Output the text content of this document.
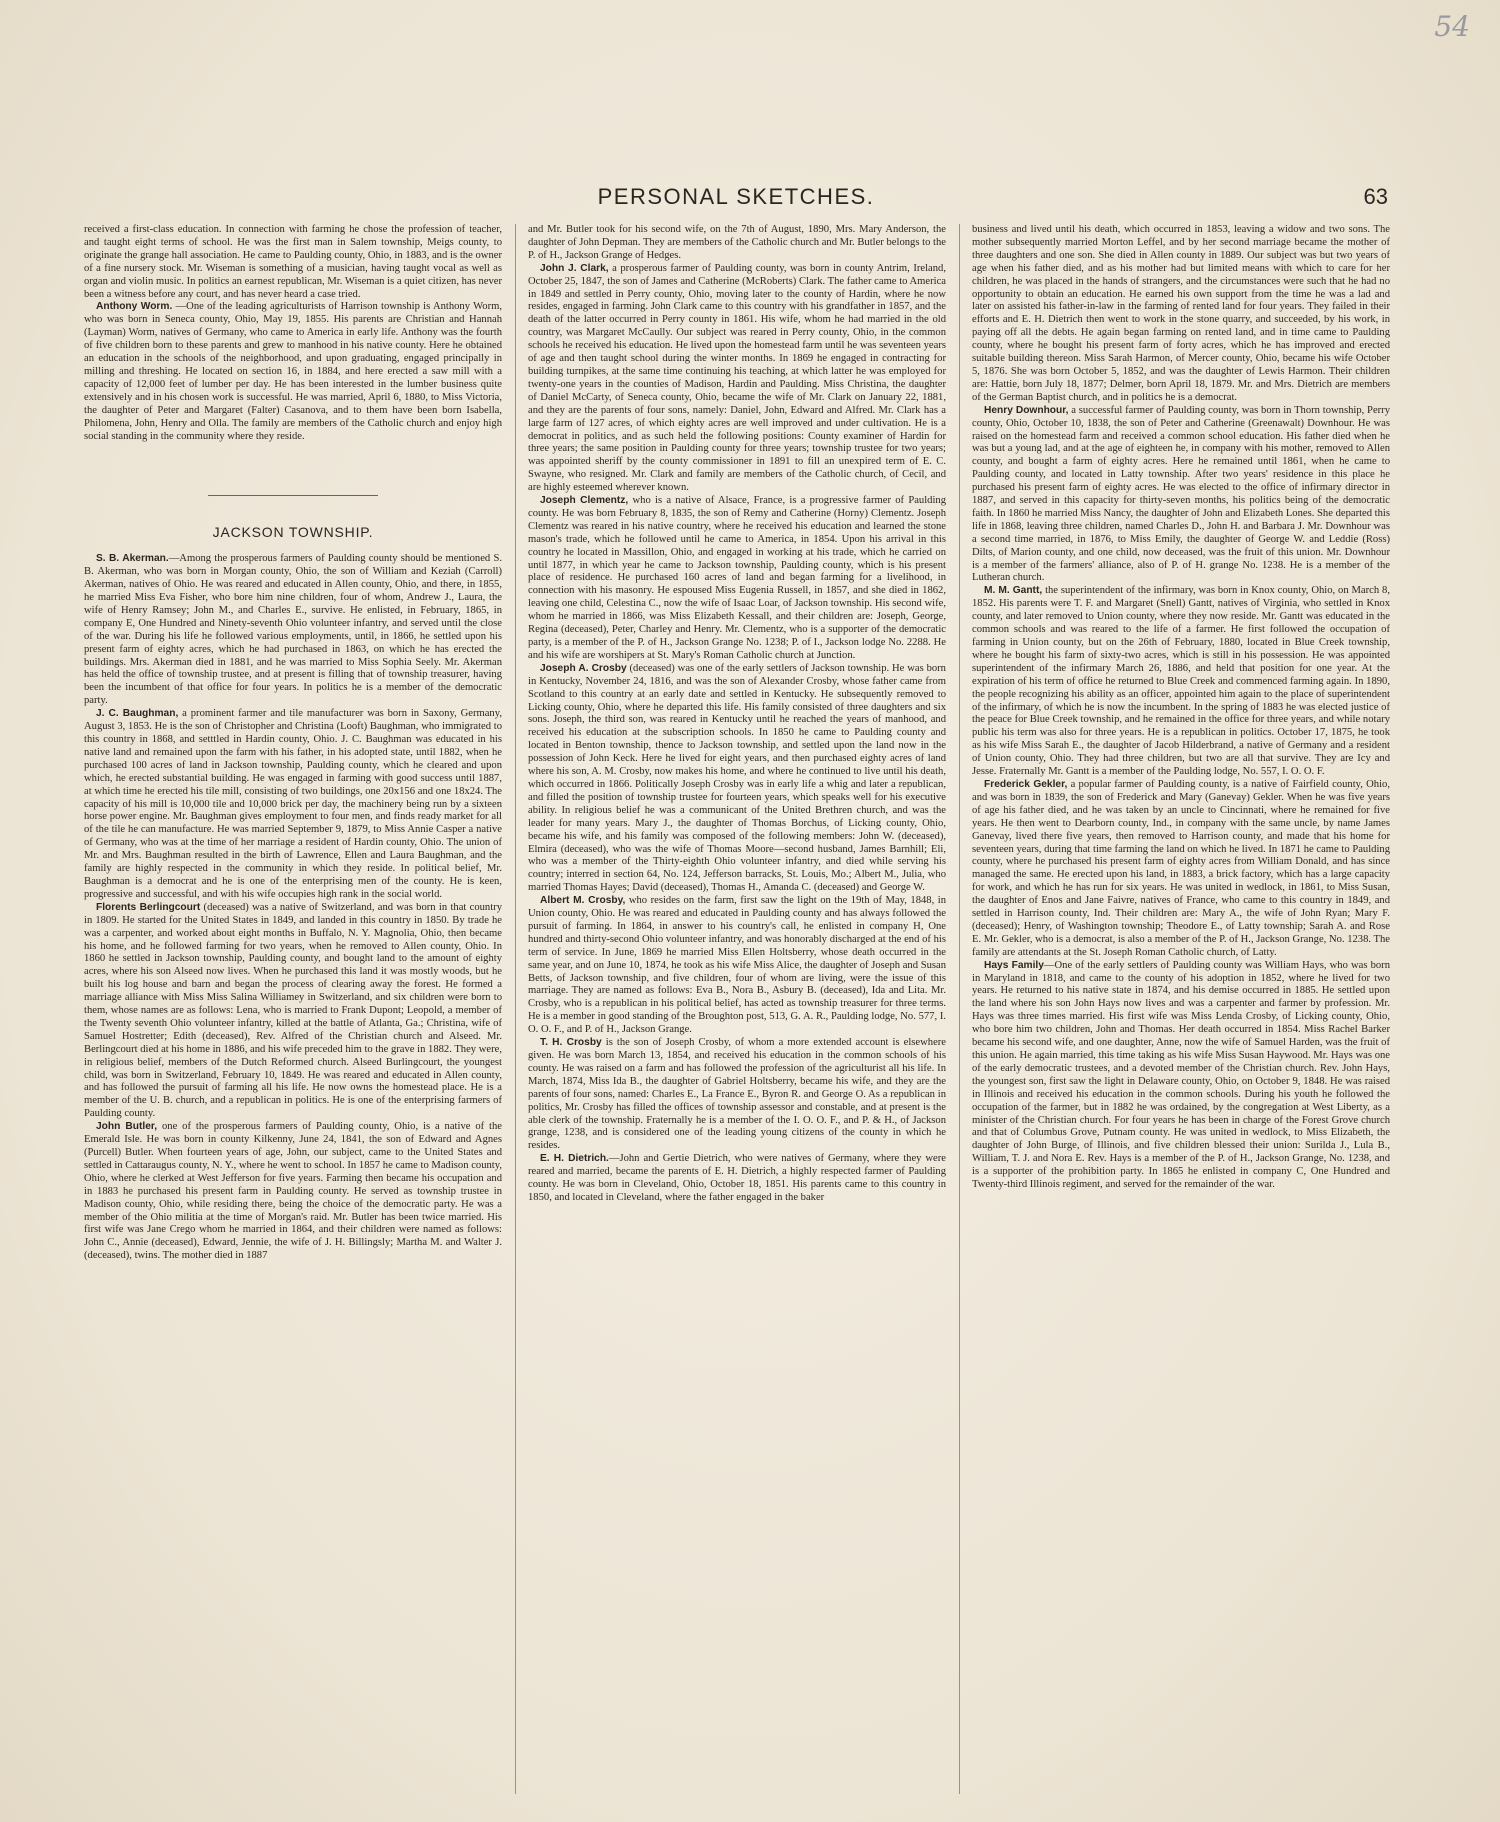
54
PERSONAL SKETCHES.	63

received a first-class education. In connection with farming he chose the profession of teacher, and taught eight terms of school. He was the first man in Salem township, Meigs county, to originate the grange hall association. He came to Paulding county, Ohio, in 1883, and is the owner of a fine nursery stock. Mr. Wiseman is something of a musician, having taught vocal as well as organ and violin music. In politics an earnest republican, Mr. Wiseman is a quiet citizen, has never been a witness before any court, and has never heard a case tried.

Anthony Worm. —One of the leading agriculturists of Harrison township is Anthony Worm, who was born in Seneca county, Ohio, May 19, 1855. His parents are Christian and Hannah (Layman) Worm, natives of Germany, who came to America in early life. Anthony was the fourth of five children born to these parents and grew to manhood in his native county. Here he obtained an education in the schools of the neighborhood, and upon graduating, engaged principally in milling and threshing. He located on section 16, in 1884, and here erected a saw mill with a capacity of 12,000 feet of lumber per day. He has been interested in the lumber business quite extensively and in his chosen work is successful. He was married, April 6, 1880, to Miss Victoria, the daughter of Peter and Margaret (Falter) Casanova, and to them have been born Isabella, Philomena, John, Henry and Olla. The family are members of the Catholic church and enjoy high social standing in the community where they reside.

JACKSON TOWNSHIP.

S. B. Akerman.—Among the prosperous farmers of Paulding county should be mentioned S. B. Akerman, who was born in Morgan county, Ohio, the son of William and Keziah (Carroll) Akerman, natives of Ohio. He was reared and educated in Allen county, Ohio, and there, in 1855, he married Miss Eva Fisher, who bore him nine children, four of whom, Andrew J., Laura, the wife of Henry Ramsey; John M., and Charles E., survive. He enlisted, in February, 1865, in company E, One Hundred and Ninety-seventh Ohio volunteer infantry, and served until the close of the war. During his life he followed various employments, until, in 1866, he settled upon his present farm of eighty acres, which he had purchased in 1863, on which he has erected the buildings. Mrs. Akerman died in 1881, and he was married to Miss Sophia Seely. Mr. Akerman has held the office of township trustee, and at present is filling that of township treasurer, having been the incumbent of that office for four years. In politics he is a member of the democratic party.

J. C. Baughman, a prominent farmer and tile manufacturer was born in Saxony, Germany, August 3, 1853. He is the son of Christopher and Christina (Looft) Baughman, who immigrated to this country in 1868, and setttled in Hardin county, Ohio. J. C. Baughman was educated in his native land and remained upon the farm with his father, in his adopted state, until 1882, when he purchased 100 acres of land in Jackson township, Paulding county, which he cleared and upon which, he erected substantial building. He was engaged in farming with good success until 1887, at which time he erected his tile mill, consisting of two buildings, one 20x156 and one 18x24. The capacity of his mill is 10,000 tile and 10,000 brick per day, the machinery being run by a sixteen horse power engine. Mr. Baughman gives employment to four men, and finds ready market for all of the tile he can manufacture. He was married September 9, 1879, to Miss Annie Casper a native of Germany, who was at the time of her marriage a resident of Hardin county, Ohio. The union of Mr. and Mrs. Baughman resulted in the birth of Lawrence, Ellen and Laura Baughman, and the family are highly respected in the community in which they reside. In political belief, Mr. Baughman is a democrat and he is one of the enterprising men of the county. He is keen, progressive and successful, and with his wife occupies high rank in the social world.

Florents Berlingcourt (deceased) was a native of Switzerland, and was born in that country in 1809. He started for the United States in 1849, and landed in this country in 1850. By trade he was a carpenter, and worked about eight months in Buffalo, N. Y. Magnolia, Ohio, then became his home, and he followed farming for two years, when he removed to Allen county, Ohio. In 1860 he settled in Jackson township, Paulding county, and bought land to the amount of eighty acres, where his son Alseed now lives. When he purchased this land it was mostly woods, but he built his log house and barn and began the process of clearing away the forest. He formed a marriage alliance with Miss Miss Salina Williamey in Switzerland, and six children were born to them, whose names are as follows: Lena, who is married to Frank Dupont; Leopold, a member of the Twenty seventh Ohio volunteer infantry, killed at the battle of Atlanta, Ga.; Christina, wife of Samuel Hostretter; Edith (deceased), Rev. Alfred of the Christian church and Alseed. Mr. Berlingcourt died at his home in 1886, and his wife preceded him to the grave in 1882. They were, in religious belief, members of the Dutch Reformed church. Alseed Burlingcourt, the youngest child, was born in Switzerland, February 10, 1849. He was reared and educated in Allen county, and has followed the pursuit of farming all his life. He now owns the homestead place. He is a member of the U. B. church, and a republican in politics. He is one of the enterprising farmers of Paulding county.

John Butler, one of the prosperous farmers of Paulding county, Ohio, is a native of the Emerald Isle. He was born in county Kilkenny, June 24, 1841, the son of Edward and Agnes (Purcell) Butler. When fourteen years of age, John, our subject, came to the United States and settled in Cattaraugus county, N. Y., where he went to school. In 1857 he came to Madison county, Ohio, where he clerked at West Jefferson for five years. Farming then became his occupation and in 1883 he purchased his present farm in Paulding county. He served as township trustee in Madison county, Ohio, while residing there, being the choice of the democratic party. He was a member of the Ohio militia at the time of Morgan's raid. Mr. Butler has been twice married. His first wife was Jane Crego whom he married in 1864, and their children were named as follows: John C., Annie (deceased), Edward, Jennie, the wife of J. H. Billingsly; Martha M. and Walter J. (deceased), twins. The mother died in 1887

and Mr. Butler took for his second wife, on the 7th of August, 1890, Mrs. Mary Anderson, the daughter of John Depman. They are members of the Catholic church and Mr. Butler belongs to the P. of H., Jackson Grange of Hedges.

John J. Clark, a prosperous farmer of Paulding county, was born in county Antrim, Ireland, October 25, 1847, the son of James and Catherine (McRoberts) Clark. The father came to America in 1849 and settled in Perry county, Ohio, moving later to the county of Hardin, where he now resides, engaged in farming. John Clark came to this country with his grandfather in 1857, and the death of the latter occurred in Perry county in 1861. His wife, whom he had married in the old country, was Margaret McCaully. Our subject was reared in Perry county, Ohio, in the common schools he received his education. He lived upon the homestead farm until he was seventeen years of age and then taught school during the winter months. In 1869 he engaged in contracting for building turnpikes, at the same time continuing his teaching, at which latter he was employed for twenty-one years in the counties of Madison, Hardin and Paulding. Miss Christina, the daughter of Daniel McCarty, of Seneca county, Ohio, became the wife of Mr. Clark on January 22, 1881, and they are the parents of four sons, namely: Daniel, John, Edward and Alfred. Mr. Clark has a large farm of 127 acres, of which eighty acres are well improved and under cultivation. He is a democrat in politics, and as such held the following positions: County examiner of Hardin for three years; the same position in Paulding county for three years; township trustee for two years; was appointed sheriff by the county commissioner in 1891 to fill an unexpired term of E. C. Swayne, who resigned. Mr. Clark and family are members of the Catholic church, of Cecil, and are highly esteemed wherever known.

Joseph Clementz, who is a native of Alsace, France, is a progressive farmer of Paulding county. He was born February 8, 1835, the son of Remy and Catherine (Horny) Clementz. Joseph Clementz was reared in his native country, where he received his education and learned the stone mason's trade, which he followed until he came to America, in 1854. Upon his arrival in this country he located in Massillon, Ohio, and engaged in working at his trade, which he carried on until 1877, in which year he came to Jackson township, Paulding county, which is his present place of residence. He purchased 160 acres of land and began farming for a livelihood, in connection with his masonry. He espoused Miss Eugenia Russell, in 1857, and she died in 1862, leaving one child, Celestina C., now the wife of Isaac Loar, of Jackson township. His second wife, whom he married in 1866, was Miss Elizabeth Kessall, and their children are: Joseph, George, Regina (deceased), Peter, Charley and Henry. Mr. Clementz, who is a supporter of the democratic party, is a member of the P. of H., Jackson Grange No. 1238; P. of I., Jackson lodge No. 2288. He and his wife are worshipers at St. Mary's Roman Catholic church at Junction.

Joseph A. Crosby (deceased) was one of the early settlers of Jackson township. He was born in Kentucky, November 24, 1816, and was the son of Alexander Crosby, whose father came from Scotland to this country at an early date and settled in Kentucky. He subsequently removed to Licking county, Ohio, where he departed this life. His family consisted of three daughters and six sons. Joseph, the third son, was reared in Kentucky until he reached the years of manhood, and received his education at the subscription schools. In 1850 he came to Paulding county and located in Benton township, thence to Jackson township, and settled upon the land now in the possession of John Keck. Here he lived for eight years, and then purchased eighty acres of land where his son, A. M. Crosby, now makes his home, and where he continued to live until his death, which occurred in 1866. Politically Joseph Crosby was in early life a whig and later a republican, and filled the position of township trustee for fourteen years, which speaks well for his executive ability. In religious belief he was a communicant of the United Brethren church, and was the leader for many years. Mary J., the daughter of Thomas Borchus, of Licking county, Ohio, became his wife, and his family was composed of the following members: John W. (deceased), Elmira (deceased), who was the wife of Thomas Moore—second husband, James Barnhill; Eli, who was a member of the Thirty-eighth Ohio volunteer infantry, and died while serving his country; interred in section 64, No. 124, Jefferson barracks, St. Louis, Mo.; Albert M., Julia, who married Thomas Hayes; David (deceased), Thomas H., Amanda C. (deceased) and George W.

Albert M. Crosby, who resides on the farm, first saw the light on the 19th of May, 1848, in Union county, Ohio. He was reared and educated in Paulding county and has always followed the pursuit of farming. In 1864, in answer to his country's call, he enlisted in company H, One hundred and thirty-second Ohio volunteer infantry, and was honorably discharged at the end of his term of service. In June, 1869 he married Miss Ellen Holtsberry, whose death occurred in the same year, and on June 10, 1874, he took as his wife Miss Alice, the daughter of Joseph and Susan Betts, of Jackson township, and five children, four of whom are living, were the issue of this marriage. They are named as follows: Eva B., Nora B., Asbury B. (deceased), Ida and Lita. Mr. Crosby, who is a republican in his political belief, has acted as township treasurer for three terms. He is a member in good standing of the Broughton post, 513, G. A. R., Paulding lodge, No. 577, I. O. O. F., and P. of H., Jackson Grange.

T. H. Crosby is the son of Joseph Crosby, of whom a more extended account is elsewhere given. He was born March 13, 1854, and received his education in the common schools of his county. He was raised on a farm and has followed the profession of the agriculturist all his life. In March, 1874, Miss Ida B., the daughter of Gabriel Holtsberry, became his wife, and they are the parents of four sons, named: Charles E., La France E., Byron R. and George O. As a republican in politics, Mr. Crosby has filled the offices of township assessor and constable, and at present is the able clerk of the township. Fraternally he is a member of the I. O. O. F., and P. & H., of Jackson grange, 1238, and is considered one of the leading young citizens of the county in which he resides.

E. H. Dietrich.—John and Gertie Dietrich, who were natives of Germany, where they were reared and married, became the parents of E. H. Dietrich, a highly respected farmer of Paulding county. He was born in Cleveland, Ohio, October 18, 1851. His parents came to this country in 1850, and located in Cleveland, where the father engaged in the baker

business and lived until his death, which occurred in 1853, leaving a widow and two sons. The mother subsequently married Morton Leffel, and by her second marriage became the mother of three daughters and one son. She died in Allen county in 1889. Our subject was but two years of age when his father died, and as his mother had but limited means with which to care for her children, he was placed in the hands of strangers, and the circumstances were such that he had no opportunity to obtain an education. He earned his own support from the time he was a lad and later on assisted his father-in-law in the farming of rented land for four years. They failed in their efforts and E. H. Dietrich then went to work in the stone quarry, and succeeded, by his work, in paying off all the debts. He again began farming on rented land, and in time came to Paulding county, where he bought his present farm of forty acres, which he has improved and erected suitable building thereon. Miss Sarah Harmon, of Mercer county, Ohio, became his wife October 5, 1876. She was born October 5, 1852, and was the daughter of Lewis Harmon. Their children are: Hattie, born July 18, 1877; Delmer, born April 18, 1879. Mr. and Mrs. Dietrich are members of the German Baptist church, and in politics he is a democrat.

Henry Downhour, a successful farmer of Paulding county, was born in Thorn township, Perry county, Ohio, October 10, 1838, the son of Peter and Catherine (Greenawalt) Downhour. He was raised on the homestead farm and received a common school education. His father died when he was but a young lad, and at the age of eighteen he, in company with his mother, removed to Allen county, and bought a farm of eighty acres. Here he remained until 1861, when he came to Paulding county, and located in Latty township. After two years' residence in this place he purchased his present farm of eighty acres. He was elected to the office of infirmary director in 1887, and served in this capacity for thirty-seven months, his politics being of the democratic faith. In 1860 he married Miss Nancy, the daughter of John and Elizabeth Lones. She departed this life in 1868, leaving three children, named Charles D., John H. and Barbara J. Mr. Downhour was a second time married, in 1876, to Miss Emily, the daughter of George W. and Leddie (Ross) Dilts, of Marion county, and one child, now deceased, was the fruit of this union. Mr. Downhour is a member of the farmers' alliance, also of P. of H. grange No. 1238. He is a member of the Lutheran church.

M. M. Gantt, the superintendent of the infirmary, was born in Knox county, Ohio, on March 8, 1852. His parents were T. F. and Margaret (Snell) Gantt, natives of Virginia, who settled in Knox county, and later removed to Union county, where they now reside. Mr. Gantt was educated in the common schools and was reared to the life of a farmer. He first followed the occupation of farming in Union county, but on the 26th of February, 1880, located in Blue Creek township, where he bought his farm of sixty-two acres, which is still in his possession. He was appointed superintendent of the infirmary March 26, 1886, and held that position for one year. At the expiration of his term of office he returned to Blue Creek and commenced farming again. In 1890, the people recognizing his ability as an officer, appointed him again to the place of superintendent of the infirmary, of which he is now the incumbent. In the spring of 1883 he was elected justice of the peace for Blue Creek township, and he remained in the office for three years, and while notary public his term was also for three years. He is a republican in politics. October 17, 1875, he took as his wife Miss Sarah E., the daughter of Jacob Hilderbrand, a native of Germany and a resident of Union county, Ohio. They had three children, but two are all that survive. They are Icy and Jesse. Fraternally Mr. Gantt is a member of the Paulding lodge, No. 557, I. O. O. F.

Frederick Gekler, a popular farmer of Paulding county, is a native of Fairfield county, Ohio, and was born in 1839, the son of Frederick and Mary (Ganevay) Gekler. When he was five years of age his father died, and he was taken by an uncle to Cincinnati, where he remained for five years. He then went to Dearborn county, Ind., in company with the same uncle, by name James Ganevay, lived there five years, then removed to Harrison county, and made that his home for seventeen years, during that time farming the land on which he lived. In 1871 he came to Paulding county, where he purchased his present farm of eighty acres from William Donald, and has since managed the same. He erected upon his land, in 1883, a brick factory, which has a large capacity for work, and which he has run for six years. He was united in wedlock, in 1861, to Miss Susan, the daughter of Enos and Jane Faivre, natives of France, who came to this country in 1849, and settled in Harrison county, Ind. Their children are: Mary A., the wife of John Ryan; Mary F. (deceased); Henry, of Washington township; Theodore E., of Latty township; Sarah A. and Rose E. Mr. Gekler, who is a democrat, is also a member of the P. of H., Jackson Grange, No. 1238. The family are attendants at the St. Joseph Roman Catholic church, of Latty.

Hays Family—One of the early settlers of Paulding county was William Hays, who was born in Maryland in 1818, and came to the county of his adoption in 1852, where he lived for two years. He returned to his native state in 1874, and his demise occurred in 1885. He settled upon the land where his son John Hays now lives and was a carpenter and farmer by profession. Mr. Hays was three times married. His first wife was Miss Lenda Crosby, of Licking county, Ohio, who bore him two children, John and Thomas. Her death occurred in 1854. Miss Rachel Barker became his second wife, and one daughter, Anne, now the wife of Samuel Harden, was the fruit of this union. He again married, this time taking as his wife Miss Susan Haywood. Mr. Hays was one of the early democratic trustees, and a devoted member of the Christian church. Rev. John Hays, the youngest son, first saw the light in Delaware county, Ohio, on October 9, 1848. He was raised in Illinois and received his education in the common schools. During his youth he followed the occupation of the farmer, but in 1882 he was ordained, by the congregation at West Liberty, as a minister of the Christian church. For four years he has been in charge of the Forest Grove church and that of Columbus Grove, Putnam county. He was united in wedlock, to Miss Elizabeth, the daughter of John Burge, of Illinois, and five children blessed their union: Surilda J., Lula B., William, T. J. and Nora E. Rev. Hays is a member of the P. of H., Jackson Grange, No. 1238, and is a supporter of the prohibition party. In 1865 he enlisted in company C, One Hundred and Twenty-third Illinois regiment, and served for the remainder of the war.
